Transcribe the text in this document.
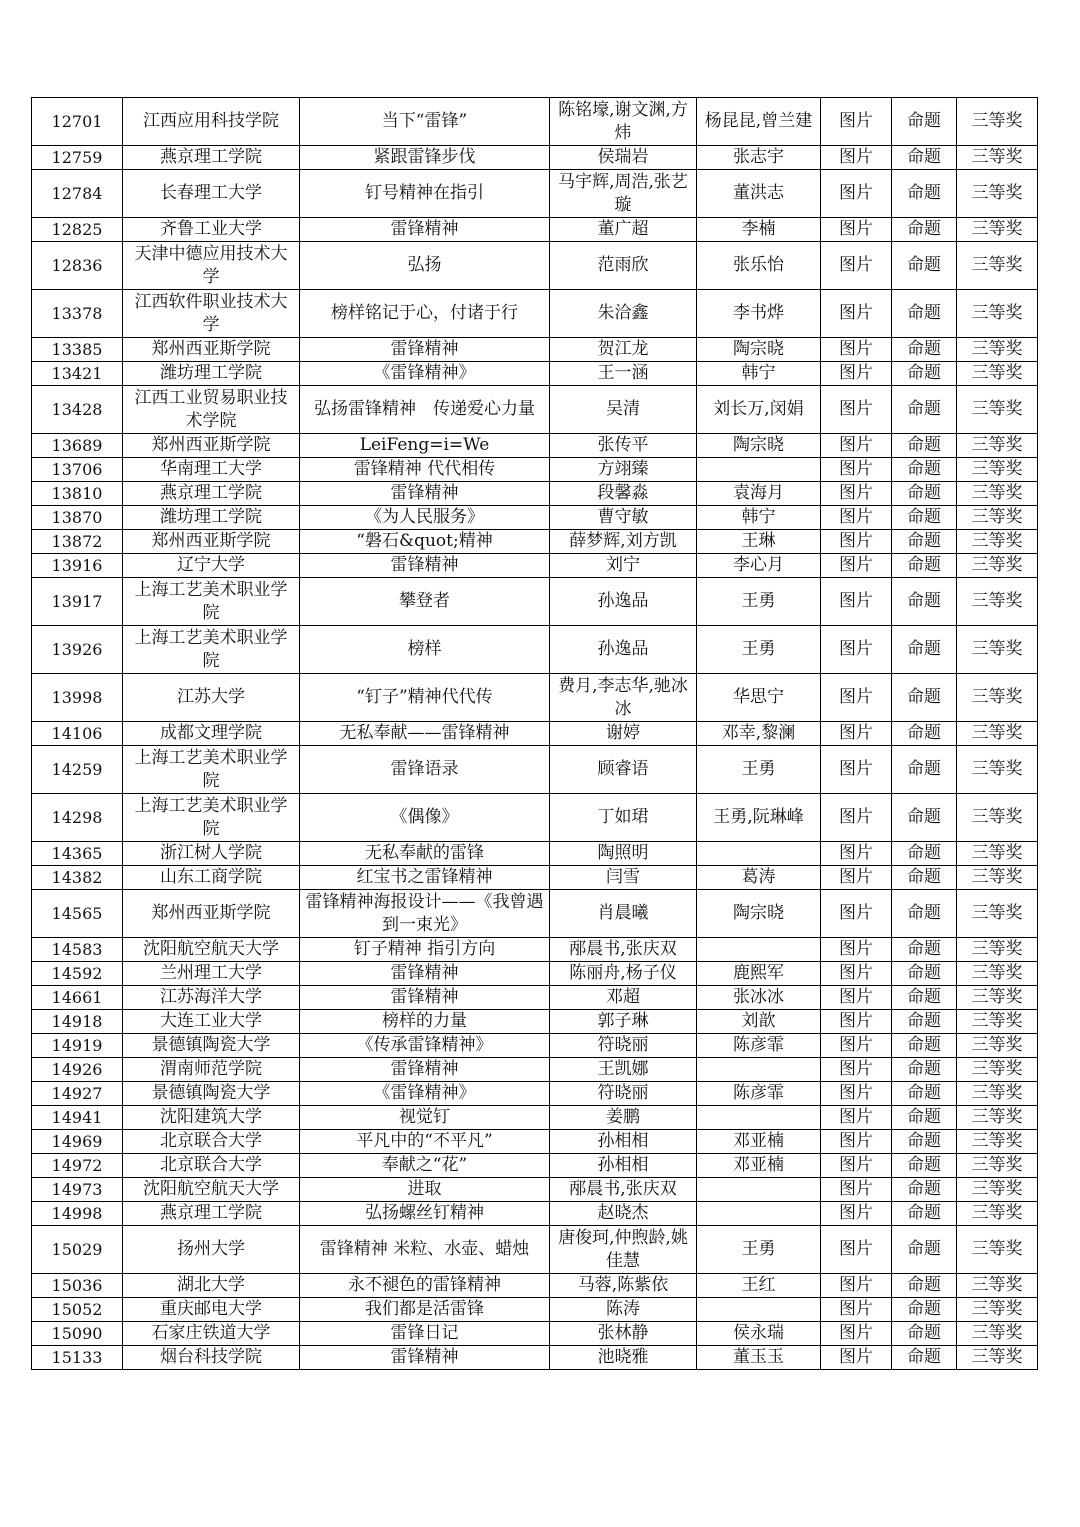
12701	江西应用科技学院	当下“雷锋”	陈铭壕,谢文渊,方炜	杨昆昆,曾兰建	图片	命题	三等奖
12759	燕京理工学院	紧跟雷锋步伐	侯瑞岩	张志宇	图片	命题	三等奖
12784	长春理工大学	钉号精神在指引	马宇辉,周浩,张艺璇	董洪志	图片	命题	三等奖
12825	齐鲁工业大学	雷锋精神	董广超	李楠	图片	命题	三等奖
12836	天津中德应用技术大学	弘扬	范雨欣	张乐怡	图片	命题	三等奖
13378	江西软件职业技术大学	榜样铭记于心，付诸于行	朱洽鑫	李书烨	图片	命题	三等奖
13385	郑州西亚斯学院	雷锋精神	贺江龙	陶宗晓	图片	命题	三等奖
13421	潍坊理工学院	《雷锋精神》	王一涵	韩宁	图片	命题	三等奖
13428	江西工业贸易职业技术学院	弘扬雷锋精神　传递爱心力量	吴清	刘长万,闵娟	图片	命题	三等奖
13689	郑州西亚斯学院	LeiFeng=i=We	张传平	陶宗晓	图片	命题	三等奖
13706	华南理工大学	雷锋精神 代代相传	方翊臻		图片	命题	三等奖
13810	燕京理工学院	雷锋精神	段馨淼	袁海月	图片	命题	三等奖
13870	潍坊理工学院	《为人民服务》	曹守敏	韩宁	图片	命题	三等奖
13872	郑州西亚斯学院	“磐石&quot;精神	薛梦辉,刘方凯	王琳	图片	命题	三等奖
13916	辽宁大学	雷锋精神	刘宁	李心月	图片	命题	三等奖
13917	上海工艺美术职业学院	攀登者	孙逸品	王勇	图片	命题	三等奖
13926	上海工艺美术职业学院	榜样	孙逸品	王勇	图片	命题	三等奖
13998	江苏大学	“钉子”精神代代传	费月,李志华,驰冰冰	华思宁	图片	命题	三等奖
14106	成都文理学院	无私奉献——雷锋精神	谢婷	邓幸,黎澜	图片	命题	三等奖
14259	上海工艺美术职业学院	雷锋语录	顾睿语	王勇	图片	命题	三等奖
14298	上海工艺美术职业学院	《偶像》	丁如珺	王勇,阮琳峰	图片	命题	三等奖
14365	浙江树人学院	无私奉献的雷锋	陶照明		图片	命题	三等奖
14382	山东工商学院	红宝书之雷锋精神	闫雪	葛涛	图片	命题	三等奖
14565	郑州西亚斯学院	雷锋精神海报设计——《我曾遇到一束光》	肖晨曦	陶宗晓	图片	命题	三等奖
14583	沈阳航空航天大学	钉子精神 指引方向	邴晨书,张庆双		图片	命题	三等奖
14592	兰州理工大学	雷锋精神	陈丽舟,杨子仪	鹿熙军	图片	命题	三等奖
14661	江苏海洋大学	雷锋精神	邓超	张冰冰	图片	命题	三等奖
14918	大连工业大学	榜样的力量	郭子琳	刘歆	图片	命题	三等奖
14919	景德镇陶瓷大学	《传承雷锋精神》	符晓丽	陈彦霏	图片	命题	三等奖
14926	渭南师范学院	雷锋精神	王凯娜		图片	命题	三等奖
14927	景德镇陶瓷大学	《雷锋精神》	符晓丽	陈彦霏	图片	命题	三等奖
14941	沈阳建筑大学	视觉钉	姜鹏		图片	命题	三等奖
14969	北京联合大学	平凡中的“不平凡”	孙相相	邓亚楠	图片	命题	三等奖
14972	北京联合大学	奉献之“花”	孙相相	邓亚楠	图片	命题	三等奖
14973	沈阳航空航天大学	进取	邴晨书,张庆双		图片	命题	三等奖
14998	燕京理工学院	弘扬螺丝钉精神	赵晓杰		图片	命题	三等奖
15029	扬州大学	雷锋精神 米粒、水壶、蜡烛	唐俊珂,仲煦龄,姚佳慧	王勇	图片	命题	三等奖
15036	湖北大学	永不褪色的雷锋精神	马蓉,陈紫依	王红	图片	命题	三等奖
15052	重庆邮电大学	我们都是活雷锋	陈涛		图片	命题	三等奖
15090	石家庄铁道大学	雷锋日记	张林静	侯永瑞	图片	命题	三等奖
15133	烟台科技学院	雷锋精神	池晓雅	董玉玉	图片	命题	三等奖
